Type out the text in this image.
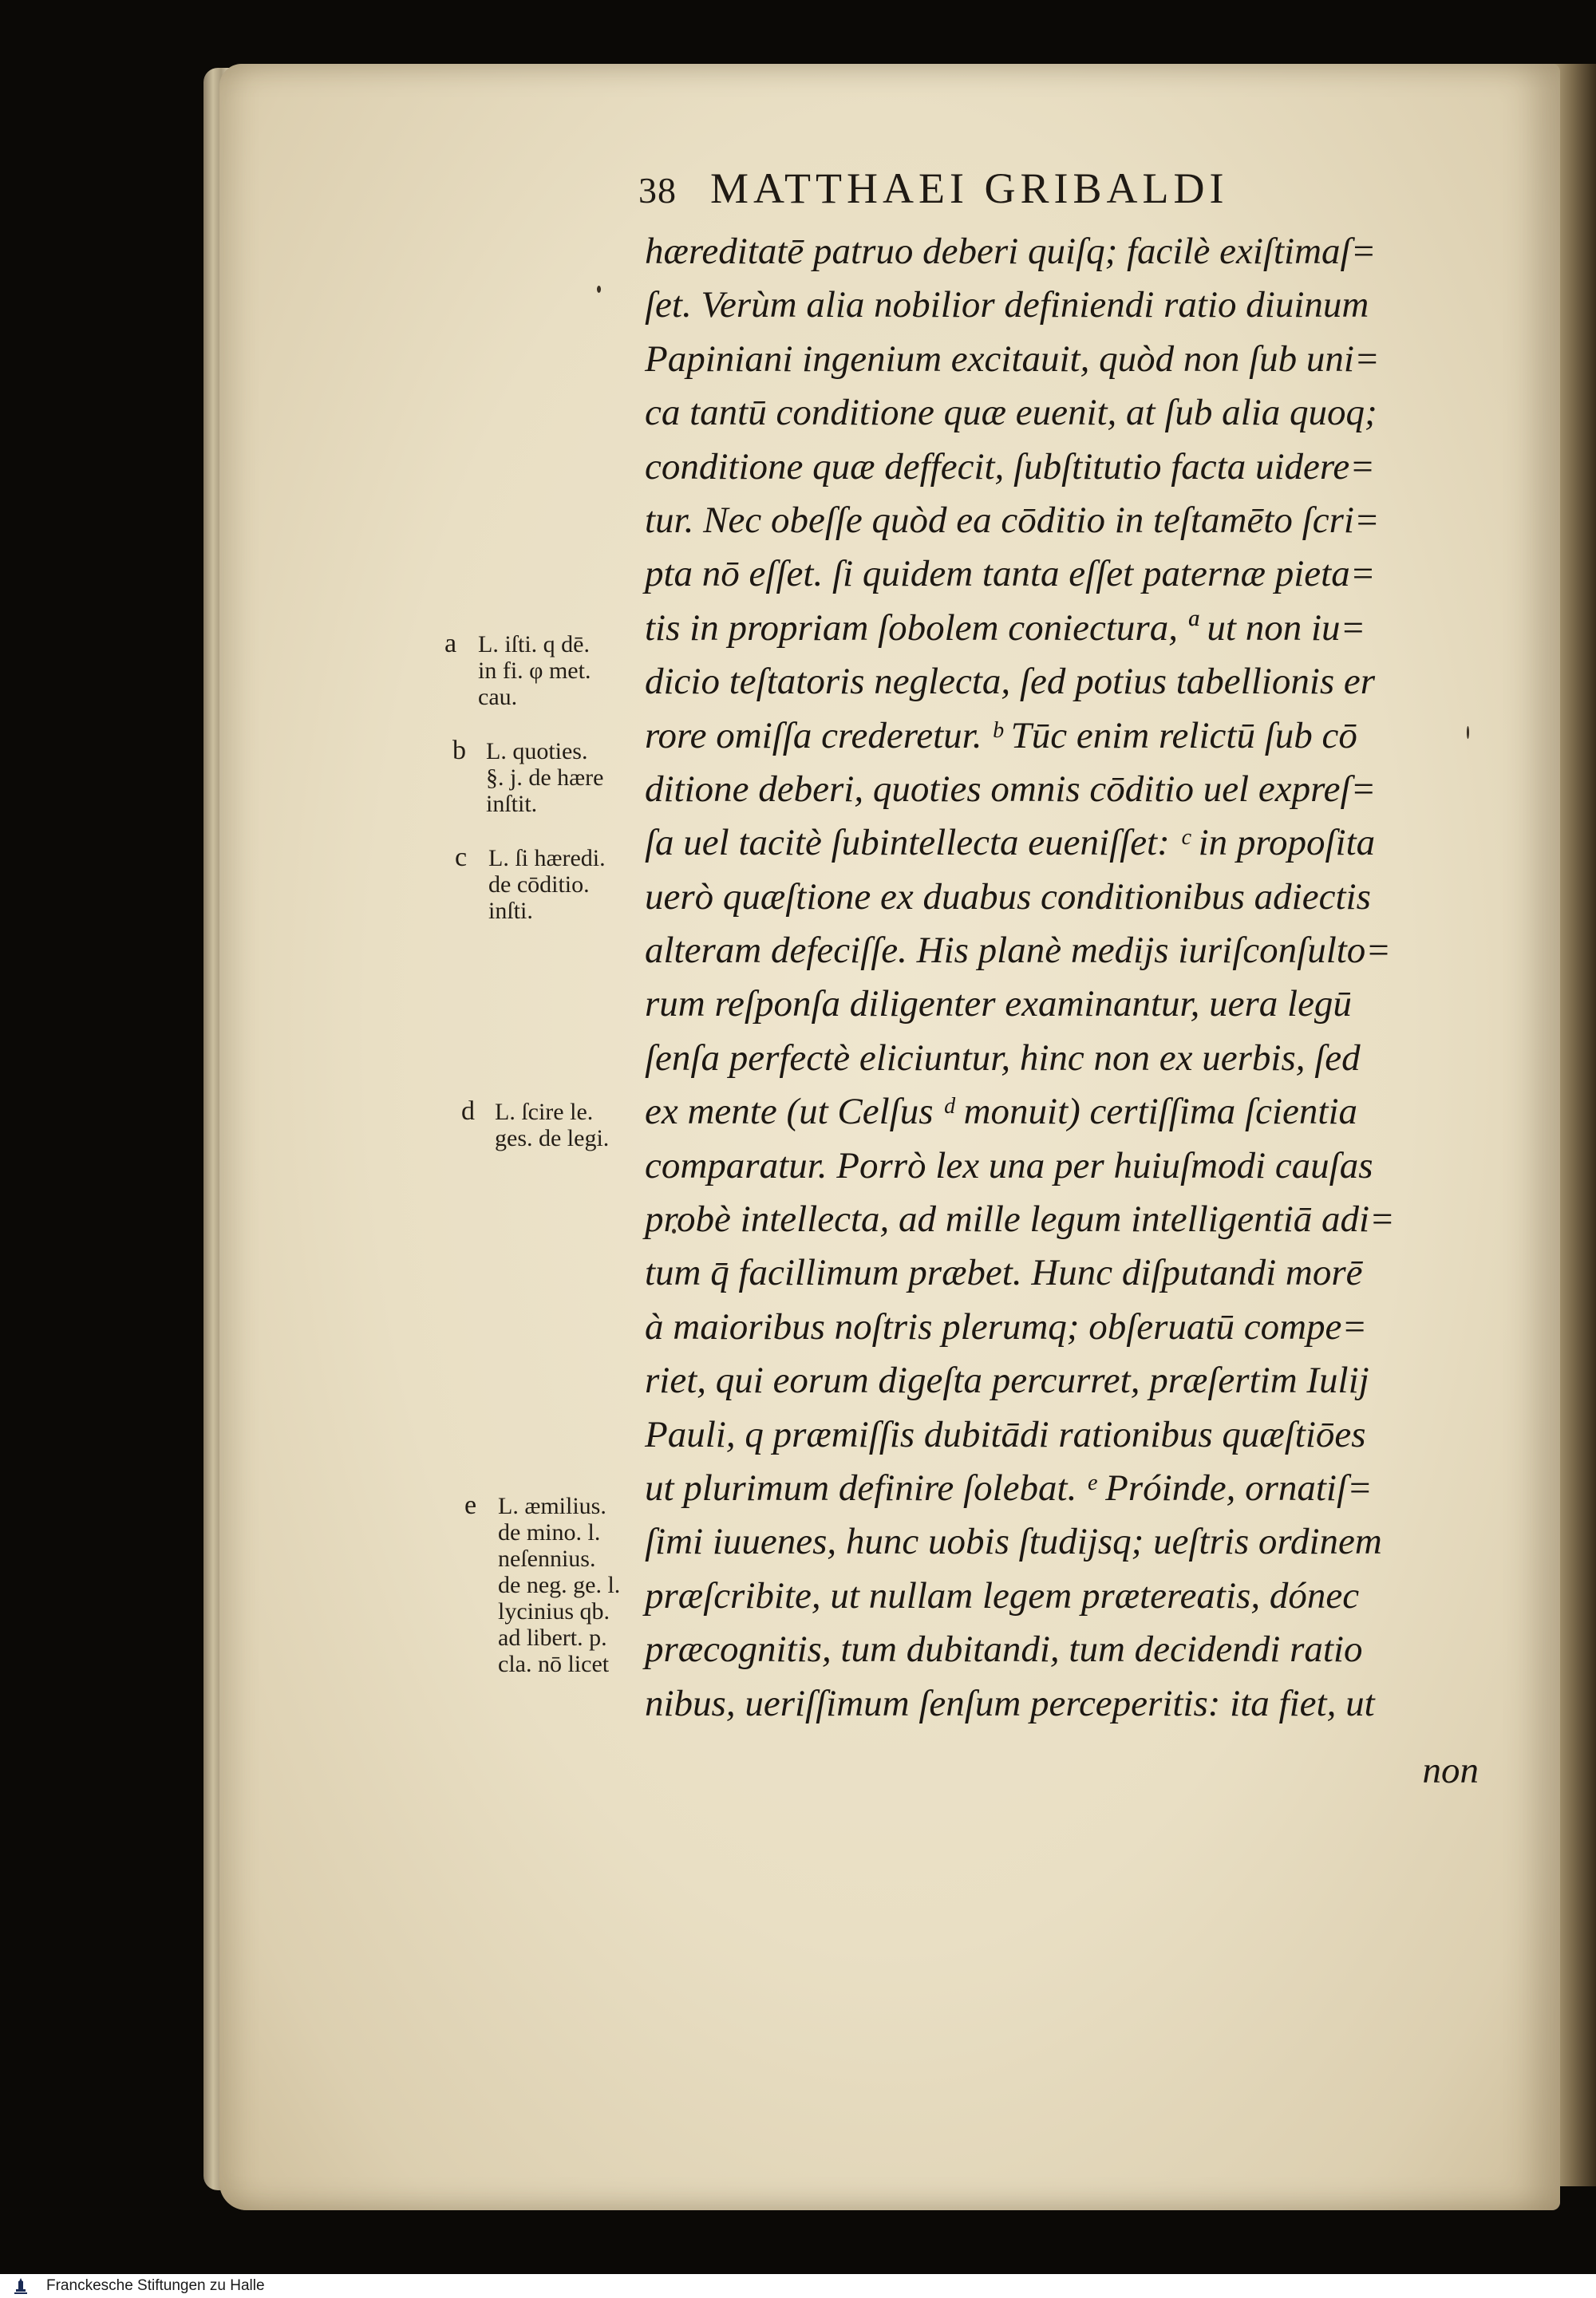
38 MATTHAEI GRIBALDI
hæreditatē patruo deberi quiſq; facilè exiſtimaſ=
ſet. Verùm alia nobilior definiendi ratio diuinum
Papiniani ingenium excitauit, quòd non ſub uni=
ca tantū conditione quæ euenit, at ſub alia quoq;
conditione quæ deffecit, ſubſtitutio facta uidere=
tur. Nec obeſſe quòd ea cōditio in teſtamēto ſcri=
pta nō eſſet. ſi quidem tanta eſſet paternæ pieta=
tis in propriam ſobolem coniectura, ª ut non iu=
dicio teſtatoris neglecta, ſed potius tabellionis er
rore omiſſa crederetur. ᵇ Tūc enim relictū ſub cō
ditione deberi, quoties omnis cōditio uel expreſ=
ſa uel tacitè ſubintellecta eueniſſet: ᶜ in propoſita
uerò quæſtione ex duabus conditionibus adiectis
alteram defeciſſe. His planè medijs iuriſconſulto=
rum reſponſa diligenter examinantur, uera legū
ſenſa perfectè eliciuntur, hinc non ex uerbis, ſed
ex mente (ut Celſus ᵈ monuit) certiſſima ſcientia
comparatur. Porrò lex una per huiuſmodi cauſas
probè intellecta, ad mille legum intelligentiā adi=
tum q̄ facillimum præbet. Hunc diſputandi morē
à maioribus noſtris plerumq; obſeruatū compe=
riet, qui eorum digeſta percurret, præſertim Iulij
Pauli, q præmiſſis dubitādi rationibus quæſtiōes
ut plurimum definire ſolebat. ᵉ Próinde, ornatiſ=
ſimi iuuenes, hunc uobis ſtudijsq; ueſtris ordinem
præſcribite, ut nullam legem prætereatis, dónec
præcognitis, tum dubitandi, tum decidendi ratio
nibus, ueriſſimum ſenſum perceperitis: ita fiet, ut
non
a L. iſti. q dē.
in fi. φ met.
cau.
b L. quoties.
§. j. de hære
inſtit.
c L. ſi hæredi.
de cōditio.
inſti.
d L. ſcire le.
ges. de legi.
e L. æmilius.
de mino. l.
neſennius.
de neg. ge. l.
lycinius qb.
ad libert. p.
cla. nō licet
Franckesche Stiftungen zu Halle
